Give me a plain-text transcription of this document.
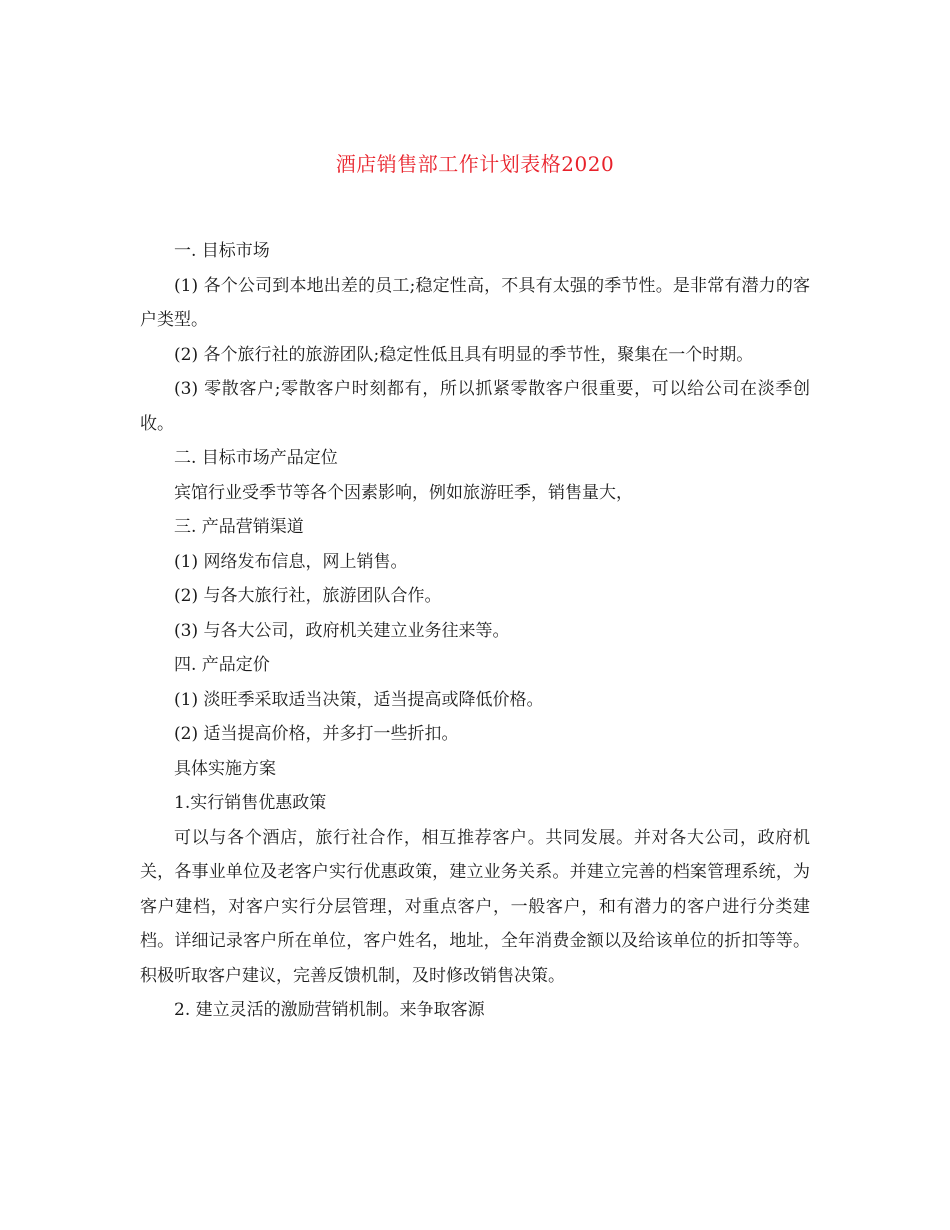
酒店销售部工作计划表格2020

一. 目标市场

(1) 各个公司到本地出差的员工;稳定性高，不具有太强的季节性。是非常有潜力的客户类型。

(2) 各个旅行社的旅游团队;稳定性低且具有明显的季节性，聚集在一个时期。

(3) 零散客户;零散客户时刻都有，所以抓紧零散客户很重要，可以给公司在淡季创收。

二. 目标市场产品定位

宾馆行业受季节等各个因素影响，例如旅游旺季，销售量大，

三. 产品营销渠道

(1) 网络发布信息，网上销售。

(2) 与各大旅行社，旅游团队合作。

(3) 与各大公司，政府机关建立业务往来等。

四. 产品定价

(1) 淡旺季采取适当决策，适当提高或降低价格。

(2) 适当提高价格，并多打一些折扣。

具体实施方案

1.实行销售优惠政策

可以与各个酒店，旅行社合作，相互推荐客户。共同发展。并对各大公司，政府机关，各事业单位及老客户实行优惠政策，建立业务关系。并建立完善的档案管理系统，为客户建档，对客户实行分层管理，对重点客户，一般客户，和有潜力的客户进行分类建档。详细记录客户所在单位，客户姓名，地址，全年消费金额以及给该单位的折扣等等。积极听取客户建议，完善反馈机制，及时修改销售决策。

2. 建立灵活的激励营销机制。来争取客源
